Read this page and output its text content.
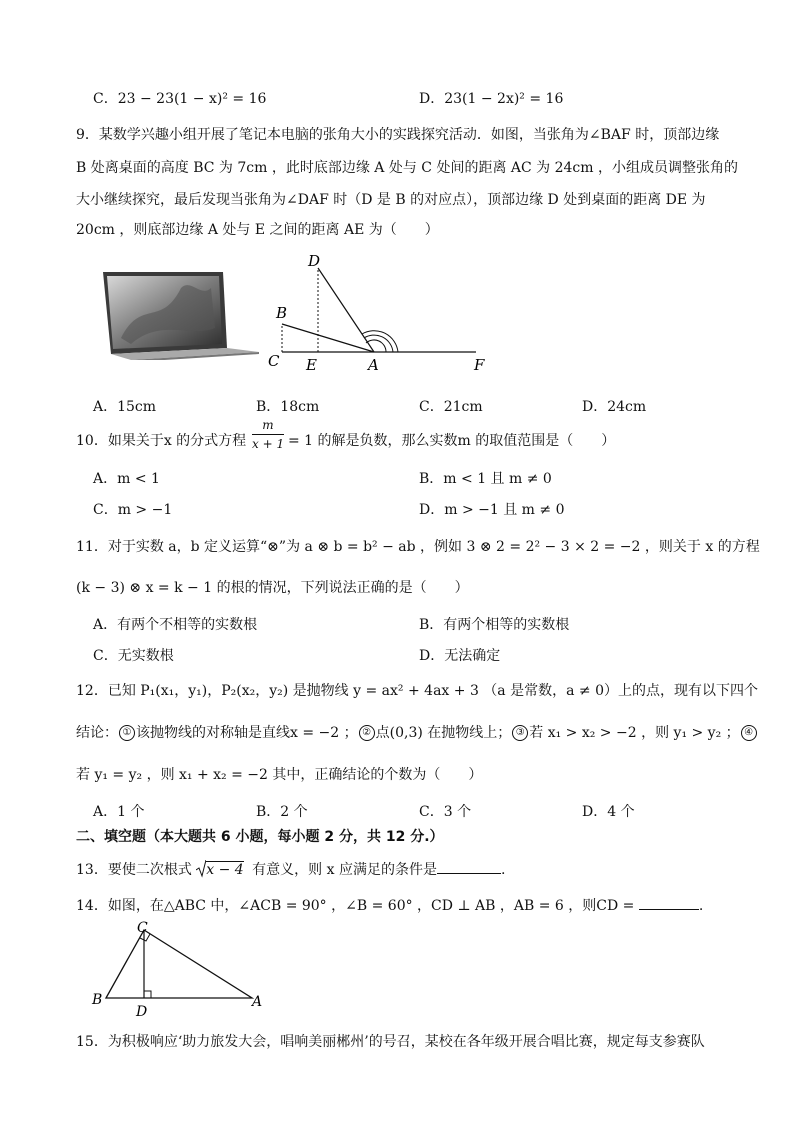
C．23 − 23(1 − x)² = 16	D．23(1 − 2x)² = 16
9．某数学兴趣小组开展了笔记本电脑的张角大小的实践探究活动．如图，当张角为∠BAF 时，顶部边缘
B 处离桌面的高度 BC 为 7cm ，此时底部边缘 A 处与 C 处间的距离 AC 为 24cm ，小组成员调整张角的
大小继续探究，最后发现当张角为∠DAF 时（D 是 B 的对应点），顶部边缘 D 处到桌面的距离 DE 为
20cm ，则底部边缘 A 处与 E 之间的距离 AE 为（　　）
D
B
C E	A	F
A．15cm	B．18cm	C．21cm	D．24cm
10．如果关于x 的分式方程
m
x + 1 = 1 的解是负数，那么实数m 的取值范围是（　　）
A．m < 1	B．m < 1 且 m ≠ 0
C．m > −1	D．m > −1 且 m ≠ 0
11．对于实数 a，b 定义运算“⊗”为 a ⊗ b = b² − ab ，例如 3 ⊗ 2 = 2² − 3 × 2 = −2 ，则关于 x 的方程
(k − 3) ⊗ x = k − 1 的根的情况，下列说法正确的是（　　）
A．有两个不相等的实数根	B．有两个相等的实数根
C．无实数根	D．无法确定
12．已知 P₁(x₁，y₁)，P₂(x₂，y₂) 是抛物线 y = ax² + 4ax + 3 （a 是常数，a ≠ 0）上的点，现有以下四个
结论： ① 该抛物线的对称轴是直线x = −2 ； ② 点(0,3) 在抛物线上； ③ 若 x₁ > x₂ > −2 ，则 y₁ > y₂ ； ④
若 y₁ = y₂ ，则 x₁ + x₂ = −2 其中，正确结论的个数为（　　）
A．1 个	B．2 个	C．3 个	D．4 个
二、填空题（本大题共 6 小题，每小题 2 分，共 12 分.）
13．要使二次根式 x − 4 有意义，则 x 应满足的条件是	.
14．如图，在△ABC 中，∠ACB = 90° ，∠B = 60° ，CD ⊥ AB ，AB = 6 ，则CD =	.
C
B
D
A
15．为积极响应‘助力旅发大会，唱响美丽郴州’的号召，某校在各年级开展合唱比赛，规定每支参赛队
